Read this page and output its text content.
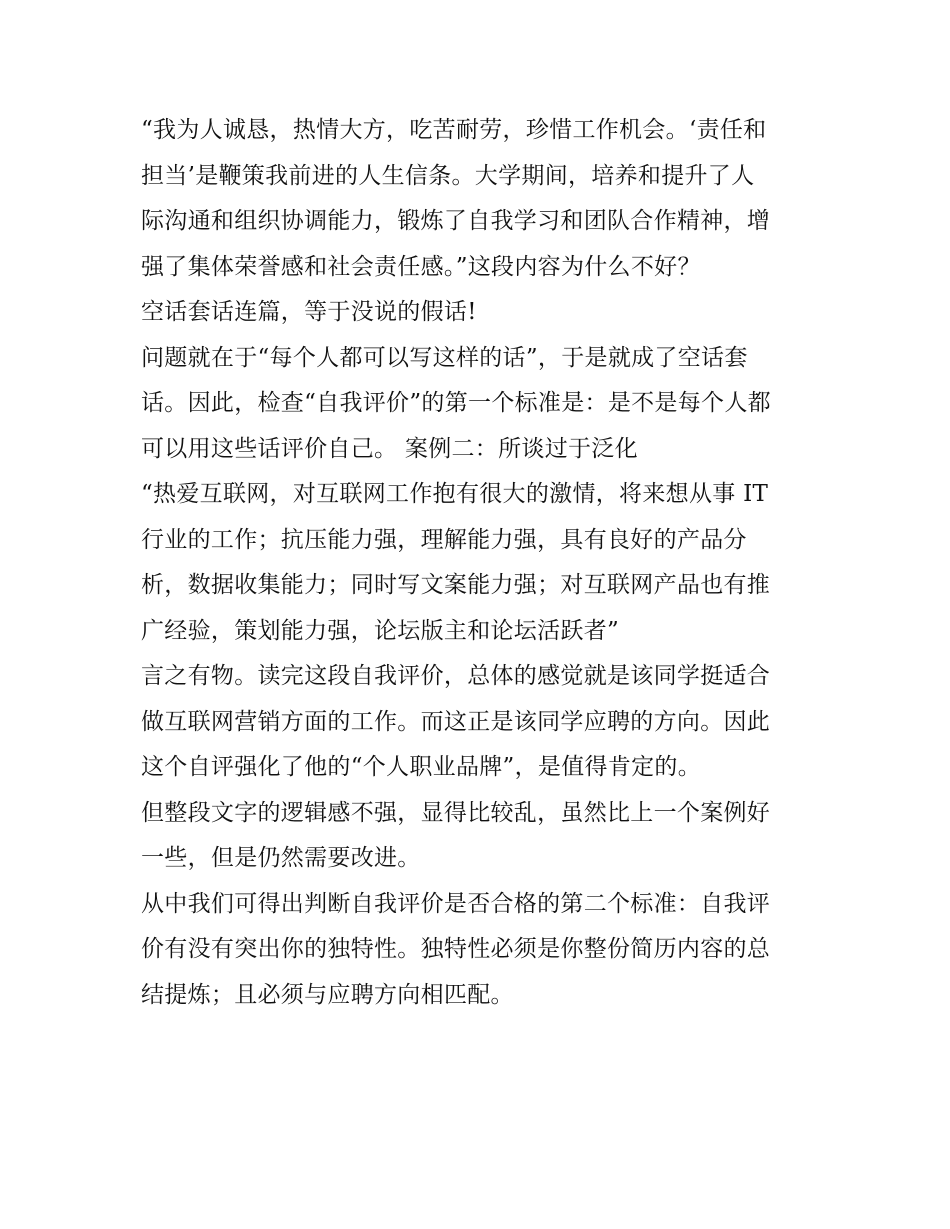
“我为人诚恳，热情大方，吃苦耐劳，珍惜工作机会。‘责任和
担当’是鞭策我前进的人生信条。大学期间，培养和提升了人
际沟通和组织协调能力，锻炼了自我学习和团队合作精神，增
强了集体荣誉感和社会责任感。”这段内容为什么不好？
空话套话连篇，等于没说的假话!
问题就在于“每个人都可以写这样的话”，于是就成了空话套
话。因此，检查“自我评价”的第一个标准是：是不是每个人都
可以用这些话评价自己。 案例二：所谈过于泛化
“热爱互联网，对互联网工作抱有很大的激情，将来想从事 IT
行业的工作；抗压能力强，理解能力强，具有良好的产品分
析，数据收集能力；同时写文案能力强；对互联网产品也有推
广经验，策划能力强，论坛版主和论坛活跃者”
言之有物。读完这段自我评价，总体的感觉就是该同学挺适合
做互联网营销方面的工作。而这正是该同学应聘的方向。因此
这个自评强化了他的“个人职业品牌”，是值得肯定的。
但整段文字的逻辑感不强，显得比较乱，虽然比上一个案例好
一些，但是仍然需要改进。
从中我们可得出判断自我评价是否合格的第二个标准：自我评
价有没有突出你的独特性。独特性必须是你整份简历内容的总
结提炼；且必须与应聘方向相匹配。
